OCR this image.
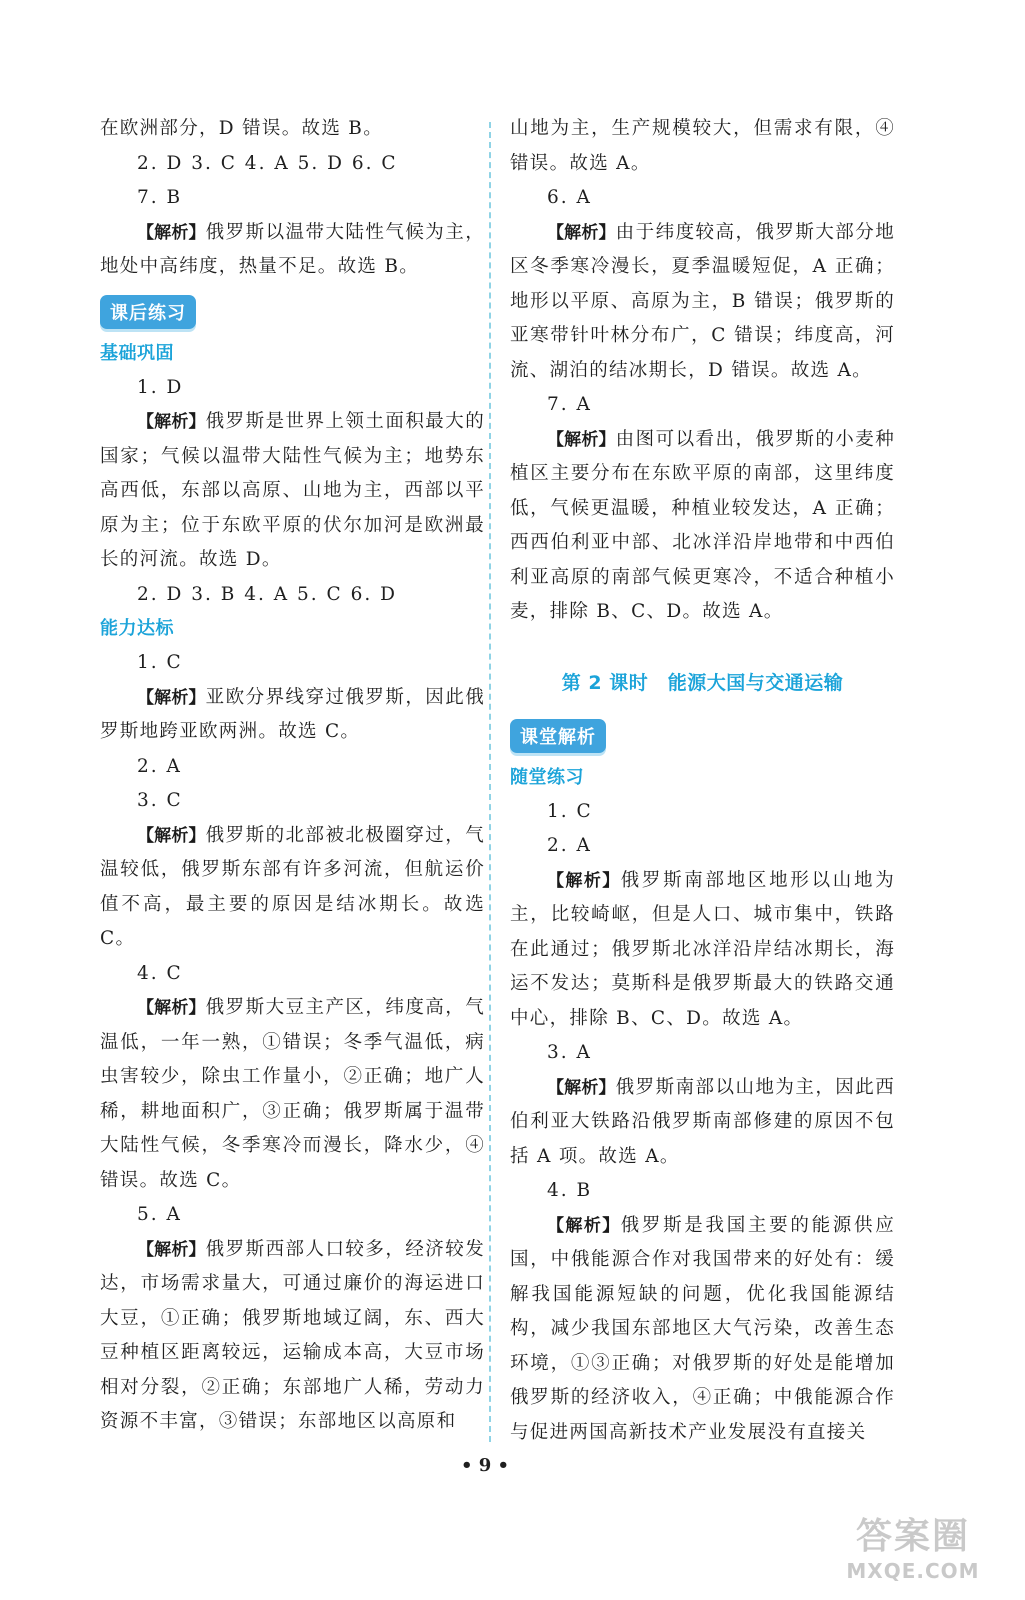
在欧洲部分，D 错误。故选 B。

2. D 3. C 4. A 5. D 6. C

7. B

【解析】俄罗斯以温带大陆性气候为主，地处中高纬度，热量不足。故选 B。

课后练习
基础巩固

1. D

【解析】俄罗斯是世界上领土面积最大的国家；气候以温带大陆性气候为主；地势东高西低，东部以高原、山地为主，西部以平原为主；位于东欧平原的伏尔加河是欧洲最长的河流。故选 D。

2. D 3. B 4. A 5. C 6. D

能力达标

1. C

【解析】亚欧分界线穿过俄罗斯，因此俄罗斯地跨亚欧两洲。故选 C。

2. A

3. C

【解析】俄罗斯的北部被北极圈穿过，气温较低，俄罗斯东部有许多河流，但航运价值不高，最主要的原因是结冰期长。故选 C。

4. C

【解析】俄罗斯大豆主产区，纬度高，气温低，一年一熟，①错误；冬季气温低，病虫害较少，除虫工作量小，②正确；地广人稀，耕地面积广，③正确；俄罗斯属于温带大陆性气候，冬季寒冷而漫长，降水少，④错误。故选 C。

5. A

【解析】俄罗斯西部人口较多，经济较发达，市场需求量大，可通过廉价的海运进口大豆，①正确；俄罗斯地域辽阔，东、西大豆种植区距离较远，运输成本高，大豆市场相对分裂，②正确；东部地广人稀，劳动力资源不丰富，③错误；东部地区以高原和

山地为主，生产规模较大，但需求有限，④错误。故选 A。

6. A

【解析】由于纬度较高，俄罗斯大部分地区冬季寒冷漫长，夏季温暖短促，A 正确；地形以平原、高原为主，B 错误；俄罗斯的亚寒带针叶林分布广，C 错误；纬度高，河流、湖泊的结冰期长，D 错误。故选 A。

7. A

【解析】由图可以看出，俄罗斯的小麦种植区主要分布在东欧平原的南部，这里纬度低，气候更温暖，种植业较发达，A 正确；西西伯利亚中部、北冰洋沿岸地带和中西伯利亚高原的南部气候更寒冷，不适合种植小麦，排除 B、C、D。故选 A。

第 2 课时　能源大国与交通运输
课堂解析
随堂练习

1. C

2. A

【解析】俄罗斯南部地区地形以山地为主，比较崎岖，但是人口、城市集中，铁路在此通过；俄罗斯北冰洋沿岸结冰期长，海运不发达；莫斯科是俄罗斯最大的铁路交通中心，排除 B、C、D。故选 A。

3. A

【解析】俄罗斯南部以山地为主，因此西伯利亚大铁路沿俄罗斯南部修建的原因不包括 A 项。故选 A。

4. B

【解析】俄罗斯是我国主要的能源供应国，中俄能源合作对我国带来的好处有：缓解我国能源短缺的问题，优化我国能源结构，减少我国东部地区大气污染，改善生态环境，①③正确；对俄罗斯的好处是能增加俄罗斯的经济收入，④正确；中俄能源合作与促进两国高新技术产业发展没有直接关

• 9 •
答案圈
MXQE.COM
